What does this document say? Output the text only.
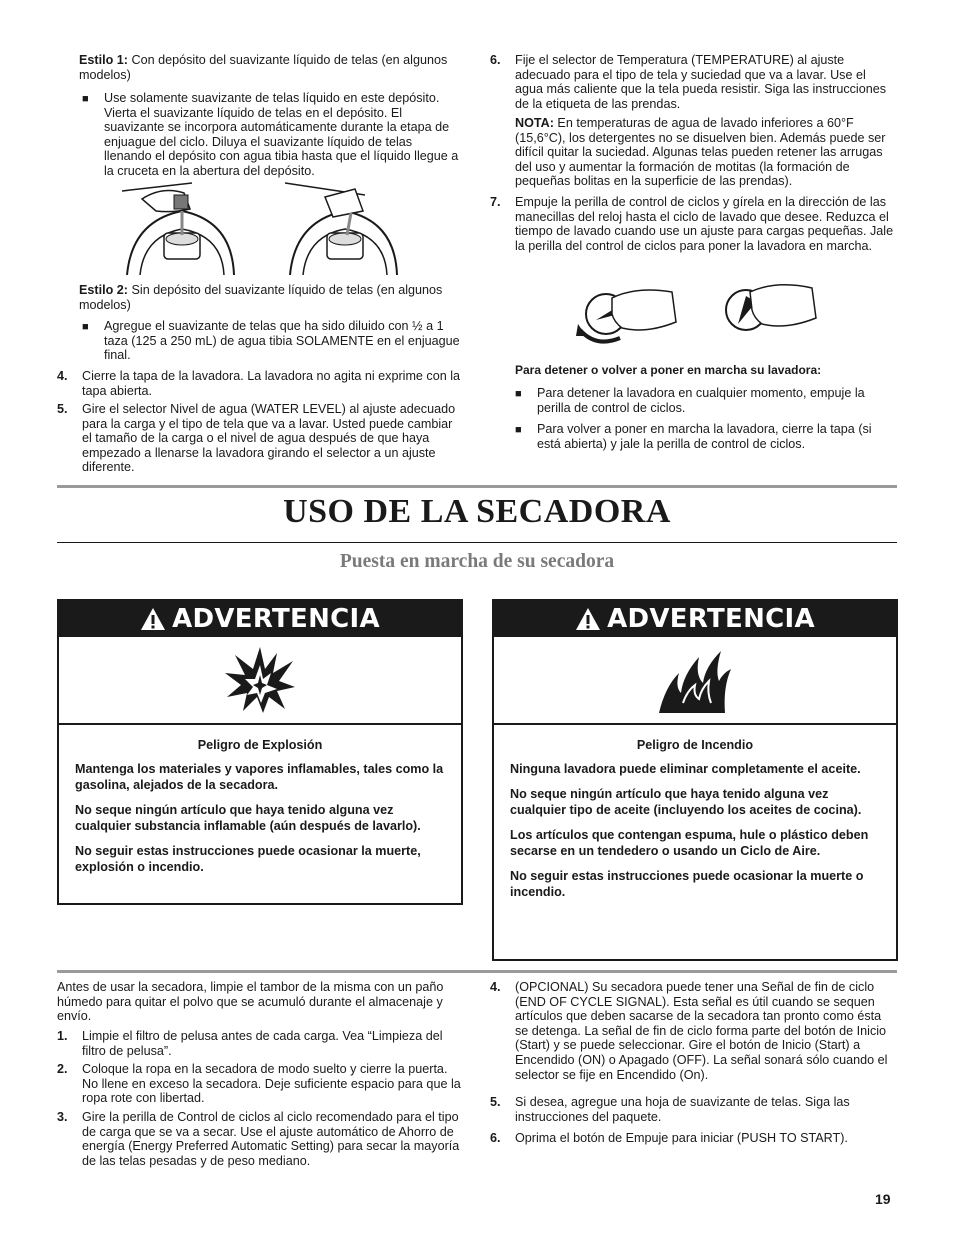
Estilo 1: Con depósito del suavizante líquido de telas (en algunos modelos)
■ Use solamente suavizante de telas líquido en este depósito. Vierta el suavizante líquido de telas en el depósito. El suavizante se incorpora automáticamente durante la etapa de enjuague del ciclo. Diluya el suavizante líquido de telas llenando el depósito con agua tibia hasta que el líquido llegue a la cruceta en la abertura del depósito.
Estilo 2: Sin depósito del suavizante líquido de telas (en algunos modelos)
■ Agregue el suavizante de telas que ha sido diluido con ½ a 1 taza (125 a 250 mL) de agua tibia SOLAMENTE en el enjuague final.
4. Cierre la tapa de la lavadora. La lavadora no agita ni exprime con la tapa abierta.
5. Gire el selector Nivel de agua (WATER LEVEL) al ajuste adecuado para la carga y el tipo de tela que va a lavar. Usted puede cambiar el tamaño de la carga o el nivel de agua después de que haya empezado a llenarse la lavadora girando el selector a un ajuste diferente.
6. Fije el selector de Temperatura (TEMPERATURE) al ajuste adecuado para el tipo de tela y suciedad que va a lavar. Use el agua más caliente que la tela pueda resistir. Siga las instrucciones de la etiqueta de las prendas.
NOTA: En temperaturas de agua de lavado inferiores a 60°F (15,6°C), los detergentes no se disuelven bien. Además puede ser difícil quitar la suciedad. Algunas telas pueden retener las arrugas del uso y aumentar la formación de motitas (la formación de pequeñas bolitas en la superficie de las prendas).
7. Empuje la perilla de control de ciclos y gírela en la dirección de las manecillas del reloj hasta el ciclo de lavado que desee. Reduzca el tiempo de lavado cuando use un ajuste para cargas pequeñas. Jale la perilla del control de ciclos para poner la lavadora en marcha.
Para detener o volver a poner en marcha su lavadora:
■ Para detener la lavadora en cualquier momento, empuje la perilla de control de ciclos.
■ Para volver a poner en marcha la lavadora, cierre la tapa (si está abierta) y jale la perilla de control de ciclos.
USO DE LA SECADORA
Puesta en marcha de su secadora
ADVERTENCIA
Peligro de Explosión

Mantenga los materiales y vapores inflamables, tales como la gasolina, alejados de la secadora.

No seque ningún artículo que haya tenido alguna vez cualquier substancia inflamable (aún después de lavarlo).

No seguir estas instrucciones puede ocasionar la muerte, explosión o incendio.

ADVERTENCIA
Peligro de Incendio

Ninguna lavadora puede eliminar completamente el aceite.

No seque ningún artículo que haya tenido alguna vez cualquier tipo de aceite (incluyendo los aceites de cocina).

Los artículos que contengan espuma, hule o plástico deben secarse en un tendedero o usando un Ciclo de Aire.

No seguir estas instrucciones puede ocasionar la muerte o incendio.

Antes de usar la secadora, limpie el tambor de la misma con un paño húmedo para quitar el polvo que se acumuló durante el almacenaje y envío.
1. Limpie el filtro de pelusa antes de cada carga. Vea “Limpieza del filtro de pelusa”.
2. Coloque la ropa en la secadora de modo suelto y cierre la puerta. No llene en exceso la secadora. Deje suficiente espacio para que la ropa rote con libertad.
3. Gire la perilla de Control de ciclos al ciclo recomendado para el tipo de carga que se va a secar. Use el ajuste automático de Ahorro de energía (Energy Preferred Automatic Setting) para secar la mayoría de las telas pesadas y de peso mediano.
4. (OPCIONAL) Su secadora puede tener una Señal de fin de ciclo (END OF CYCLE SIGNAL). Esta señal es útil cuando se sequen artículos que deben sacarse de la secadora tan pronto como ésta se detenga. La señal de fin de ciclo forma parte del botón de Inicio (Start) y se puede seleccionar. Gire el botón de Inicio (Start) a Encendido (ON) o Apagado (OFF). La señal sonará sólo cuando el selector se fije en Encendido (On).
5. Si desea, agregue una hoja de suavizante de telas. Siga las instrucciones del paquete.
6. Oprima el botón de Empuje para iniciar (PUSH TO START).
19
